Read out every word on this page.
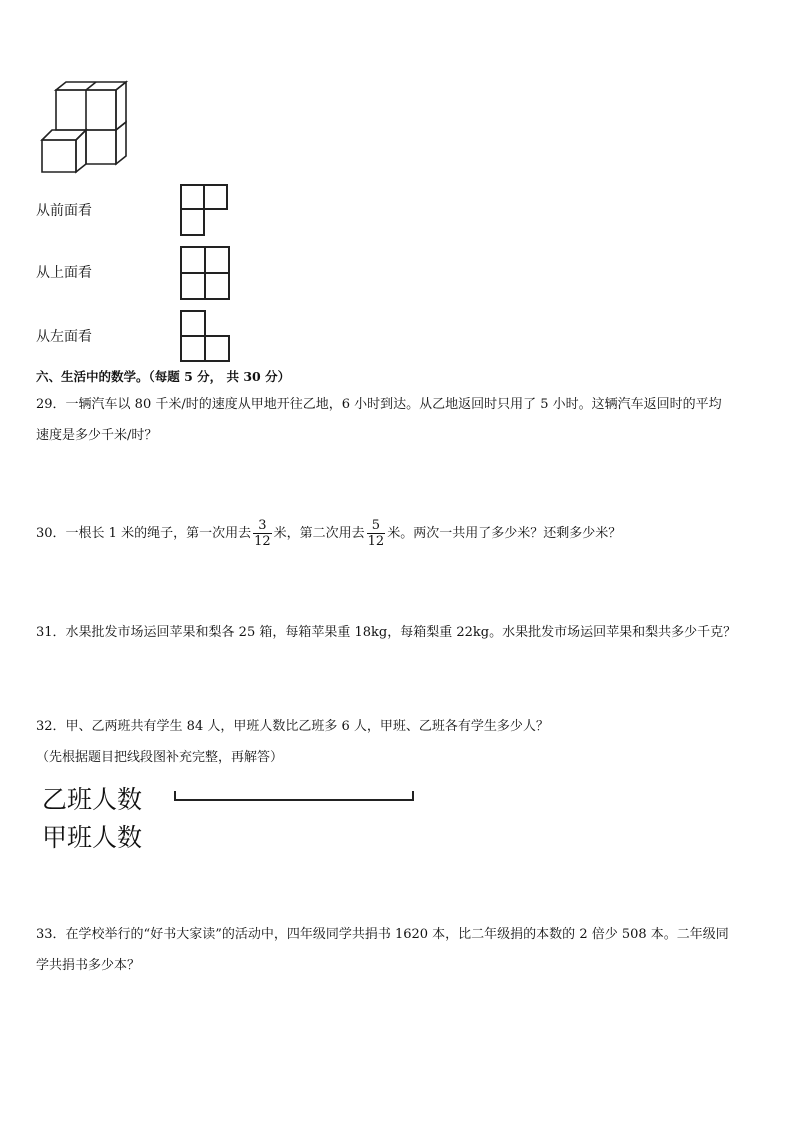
从前面看
从上面看
从左面看
六、生活中的数学。（每题 5 分， 共 30 分）
29．一辆汽车以 80 千米/时的速度从甲地开往乙地，6 小时到达。从乙地返回时只用了 5 小时。这辆汽车返回时的平均
速度是多少千米/时？
30．一根长 1 米的绳子，第一次用去 $\frac{3}{12}$ 米，第二次用去 $\frac{5}{12}$ 米。两次一共用了多少米？还剩多少米？
31．水果批发市场运回苹果和梨各 25 箱，每箱苹果重 18kg，每箱梨重 22kg。水果批发市场运回苹果和梨共多少千克？
32．甲、乙两班共有学生 84 人，甲班人数比乙班多 6 人，甲班、乙班各有学生多少人？
（先根据题目把线段图补充完整，再解答）
乙班人数
甲班人数
33．在学校举行的“好书大家读”的活动中，四年级同学共捐书 1620 本，比二年级捐的本数的 2 倍少 508 本。二年级同
学共捐书多少本？
